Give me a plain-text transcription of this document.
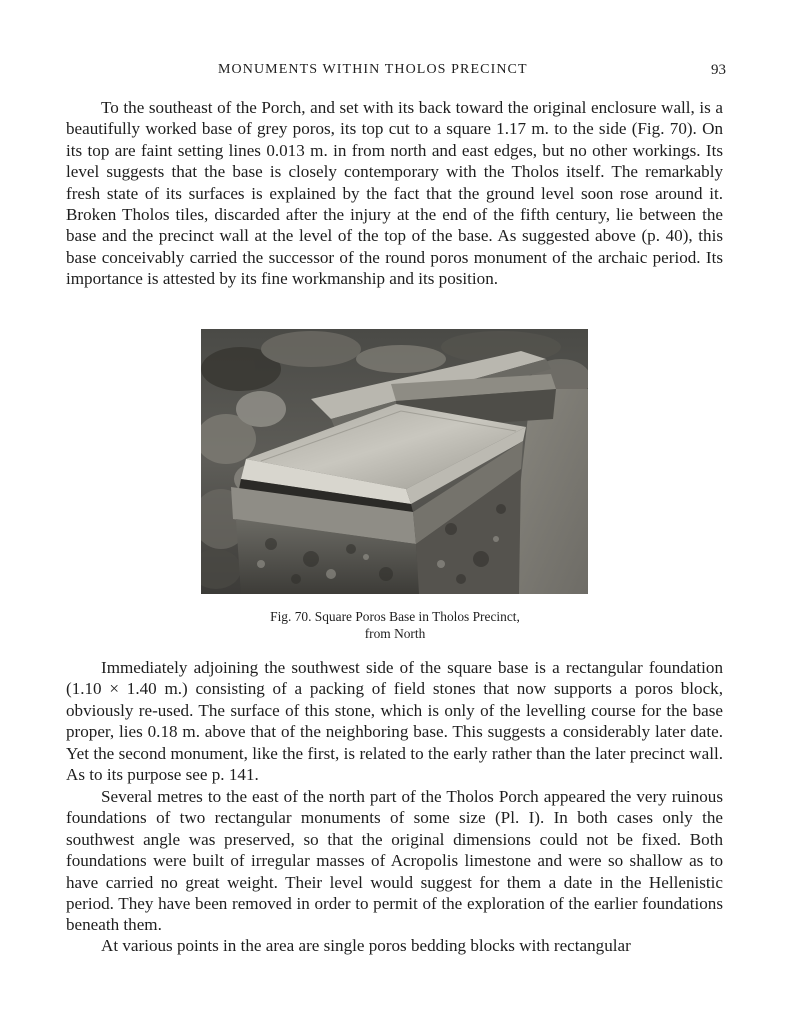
MONUMENTS WITHIN THOLOS PRECINCT	93

To the southeast of the Porch, and set with its back toward the original enclosure wall, is a beautifully worked base of grey poros, its top cut to a square 1.17 m. to the side (Fig. 70). On its top are faint setting lines 0.013 m. in from north and east edges, but no other workings. Its level suggests that the base is closely contemporary with the Tholos itself. The remarkably fresh state of its surfaces is explained by the fact that the ground level soon rose around it. Broken Tholos tiles, discarded after the injury at the end of the fifth century, lie between the base and the precinct wall at the level of the top of the base. As suggested above (p. 40), this base conceivably carried the successor of the round poros monument of the archaic period. Its importance is attested by its fine workmanship and its position.

Fig. 70. Square Poros Base in Tholos Precinct,
from North

Immediately adjoining the southwest side of the square base is a rectangular foundation (1.10 × 1.40 m.) consisting of a packing of field stones that now supports a poros block, obviously re-used. The surface of this stone, which is only of the levelling course for the base proper, lies 0.18 m. above that of the neighboring base. This suggests a considerably later date. Yet the second monument, like the first, is related to the early rather than the later precinct wall. As to its purpose see p. 141.

Several metres to the east of the north part of the Tholos Porch appeared the very ruinous foundations of two rectangular monuments of some size (Pl. I). In both cases only the southwest angle was preserved, so that the original dimensions could not be fixed. Both foundations were built of irregular masses of Acropolis limestone and were so shallow as to have carried no great weight. Their level would suggest for them a date in the Hellenistic period. They have been removed in order to permit of the exploration of the earlier foundations beneath them.

At various points in the area are single poros bedding blocks with rectangular
